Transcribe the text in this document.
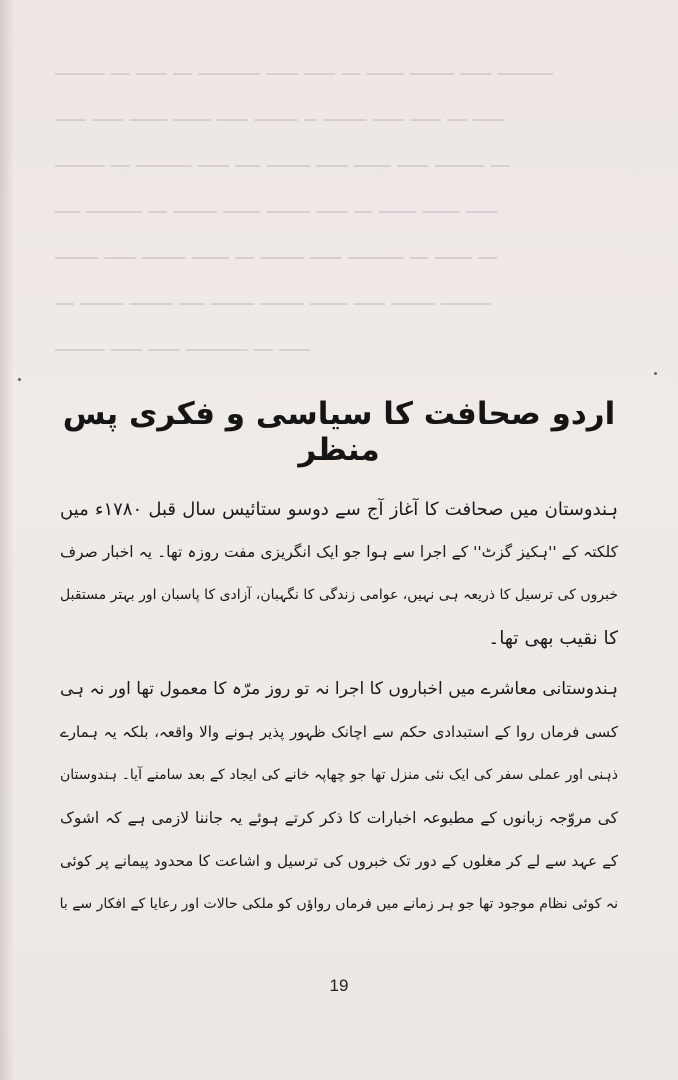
ــــــــ ـــ ـــــ ـــ ــــــــــ ـــــ ـــــ ـــ ــــــ ـــــــ ـــــ ـــــــــ
ـــــ ـــــ ــــــ ــــــ ـــــ ـــــــ ــ ـــــــ ـــــ ـــــ ـــ ـــــ
ــــــــ ـــ ـــــــــ ـــــ ــــ ـــــــ ـــــ ــــــ ـــــ ــــــــ ـــ
ــــ ـــــــــ ـــ ـــــــ ــــــ ـــــــ ـــــ ـــ ــــــ ــــــ ـــــ
ـــــــ ـــــ ـــــــ ــــــ ـــ ـــــــ ـــــ ـــــــــ ـــ ــــــ ـــ
ـــ ـــــــ ـــــــ ــــ ـــــــ ـــــــ ــــــ ـــــ ـــــــ ــــــــ
ــــــــ ـــــ ـــــ ــــــــــ ـــ ـــــ
اردو صحافت کا سیاسی و فکری پس منظر
ہندوستان میں صحافت کا آغاز آج سے دوسو ستائیس سال قبل ۱۷۸۰ء میں
کلکتہ کے ''ہکیز گزٹ'' کے اجرا سے ہوا جو ایک انگریزی مفت روزہ تھا۔ یہ اخبار صرف
خبروں کی ترسیل کا ذریعہ ہی نہیں، عوامی زندگی کا نگہبان، آزادی کا پاسبان اور بہتر مستقبل
کا نقیب بھی تھا۔
ہندوستانی معاشرے میں اخباروں کا اجرا نہ تو روز مرّہ کا معمول تھا اور نہ ہی
کسی فرماں روا کے استبدادی حکم سے اچانک ظہور پذیر ہونے والا واقعہ، بلکہ یہ ہمارے
ذہنی اور عملی سفر کی ایک نئی منزل تھا جو چھاپہ خانے کی ایجاد کے بعد سامنے آیا۔ ہندوستان
کی مروّجہ زبانوں کے مطبوعہ اخبارات کا ذکر کرتے ہوئے یہ جاننا لازمی ہے کہ اشوک
کے عہد سے لے کر مغلوں کے دور تک خبروں کی ترسیل و اشاعت کا محدود پیمانے پر کوئی
نہ کوئی نظام موجود تھا جو ہر زمانے میں فرماں رواؤں کو ملکی حالات اور رعایا کے افکار سے با
19
